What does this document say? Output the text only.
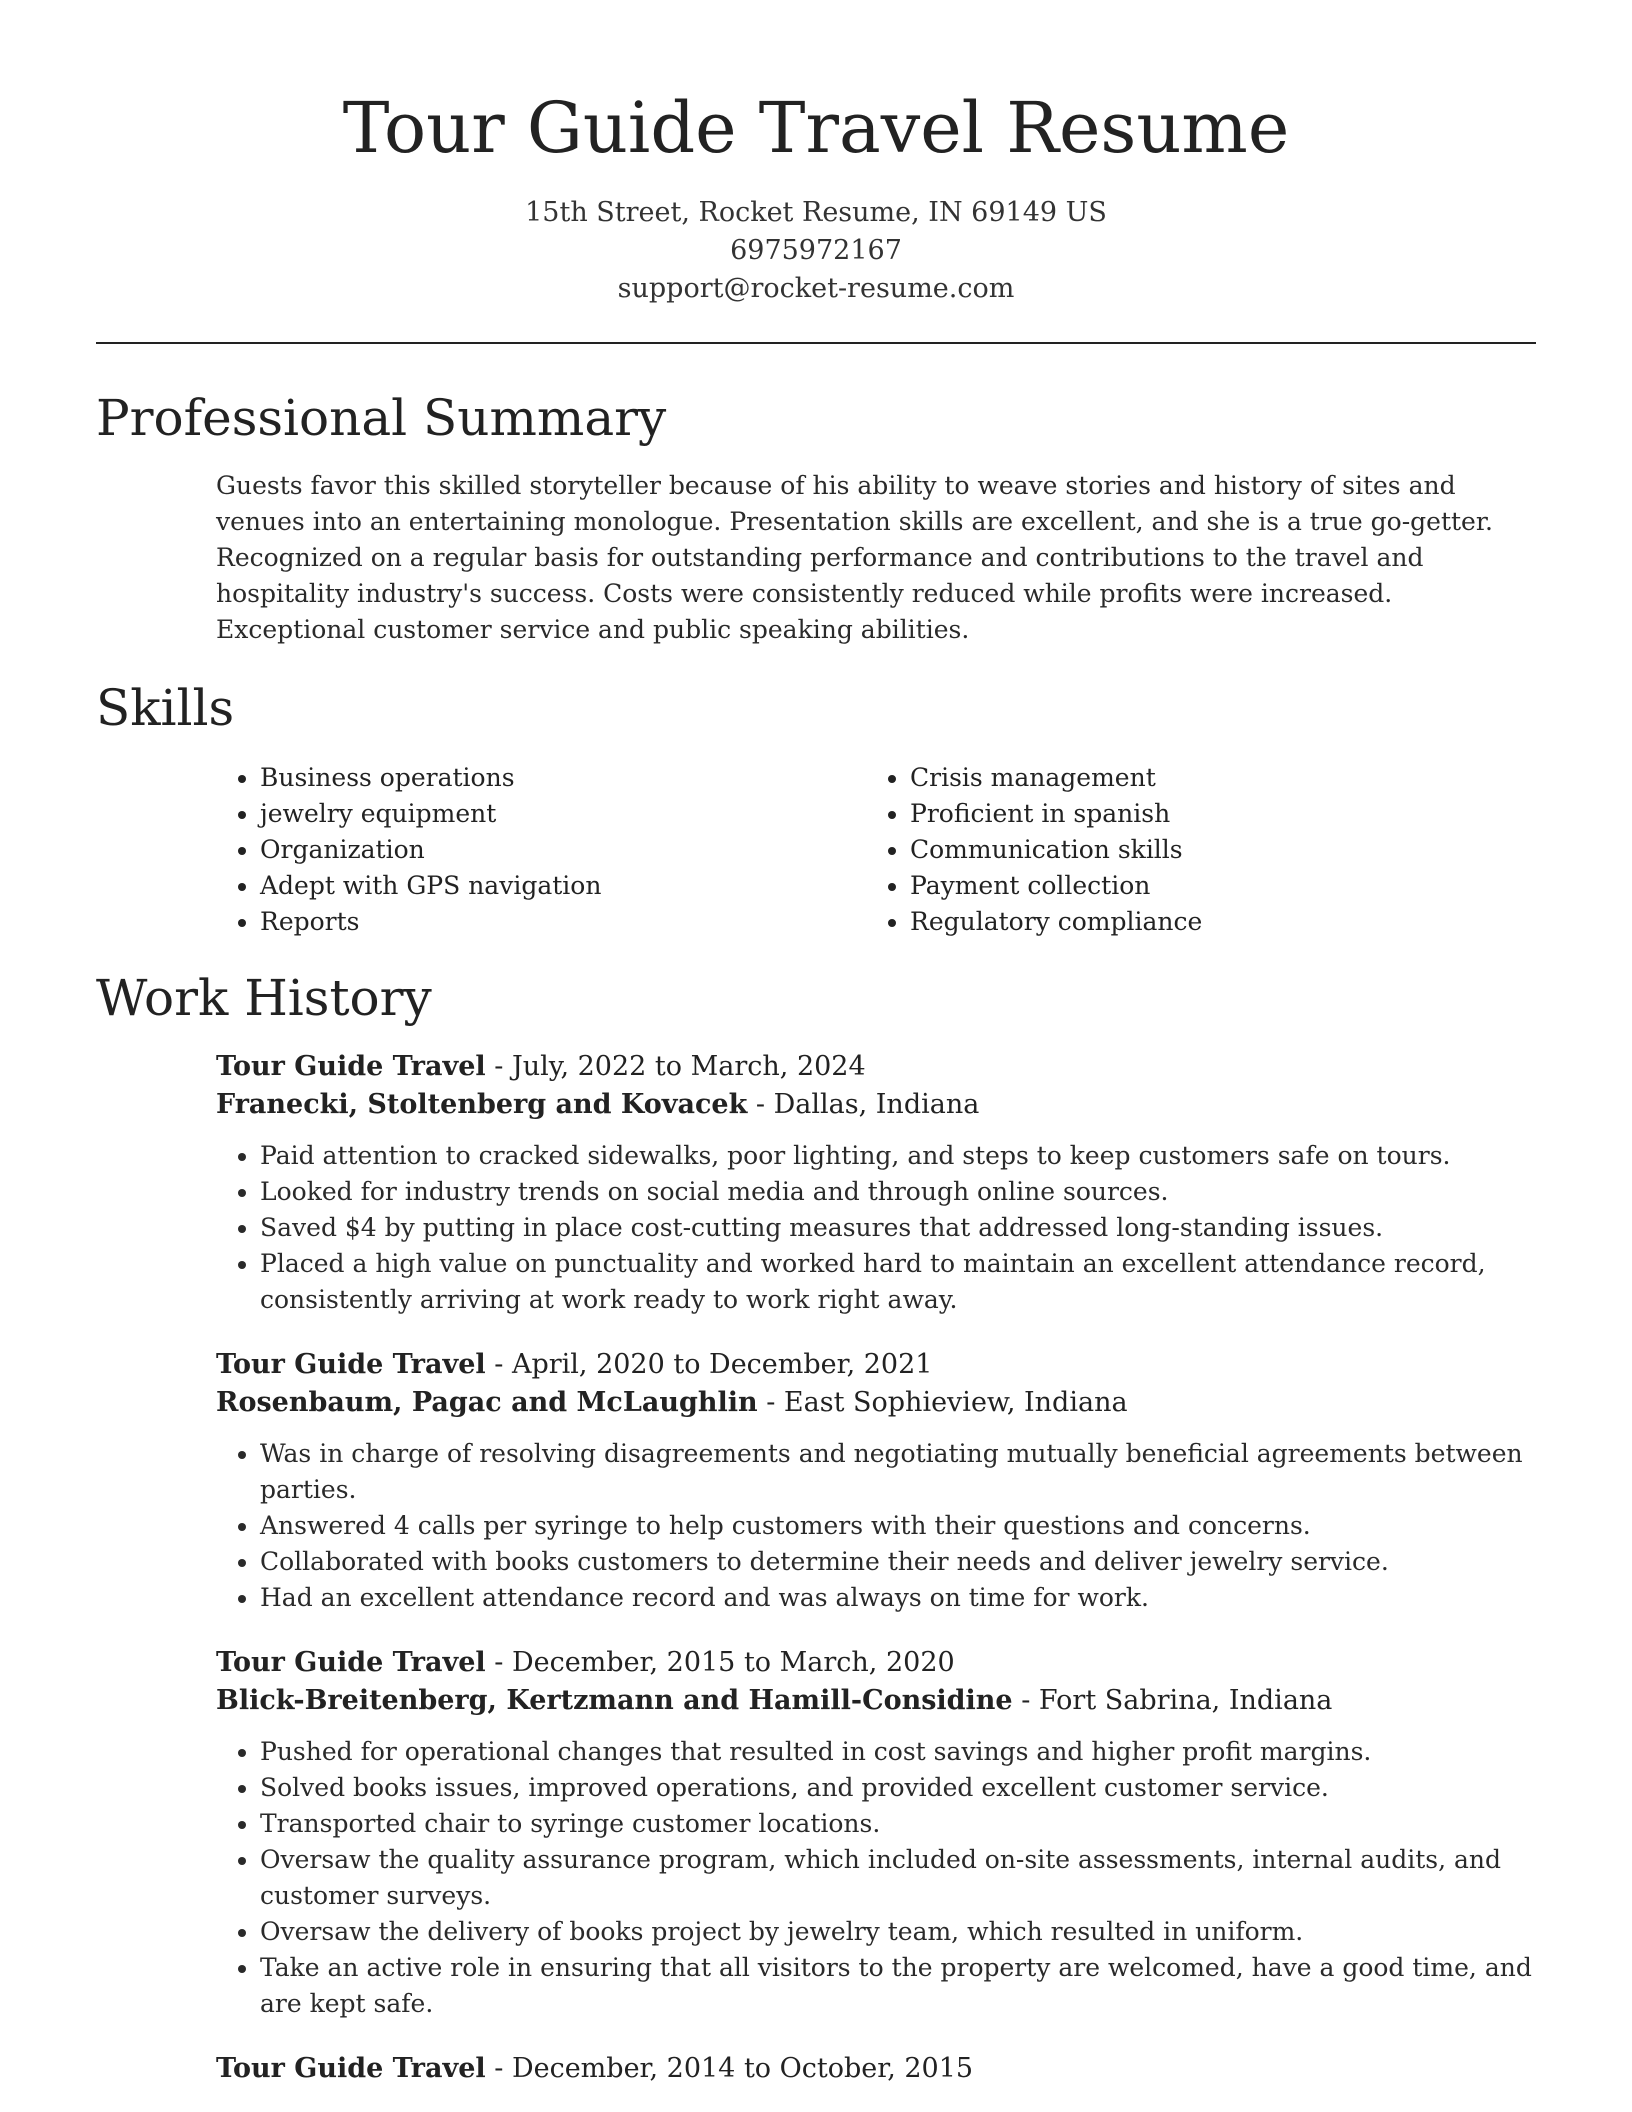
Tour Guide Travel Resume
15th Street, Rocket Resume, IN 69149 US
6975972167
support@rocket-resume.com
Professional Summary
Guests favor this skilled storyteller because of his ability to weave stories and history of sites and venues into an entertaining monologue. Presentation skills are excellent, and she is a true go-getter. Recognized on a regular basis for outstanding performance and contributions to the travel and hospitality industry's success. Costs were consistently reduced while profits were increased. Exceptional customer service and public speaking abilities.
Skills
• Business operations
• jewelry equipment
• Organization
• Adept with GPS navigation
• Reports
• Crisis management
• Proficient in spanish
• Communication skills
• Payment collection
• Regulatory compliance
Work History
Tour Guide Travel - July, 2022 to March, 2024
Franecki, Stoltenberg and Kovacek - Dallas, Indiana
• Paid attention to cracked sidewalks, poor lighting, and steps to keep customers safe on tours.
• Looked for industry trends on social media and through online sources.
• Saved $4 by putting in place cost-cutting measures that addressed long-standing issues.
• Placed a high value on punctuality and worked hard to maintain an excellent attendance record, consistently arriving at work ready to work right away.
Tour Guide Travel - April, 2020 to December, 2021
Rosenbaum, Pagac and McLaughlin - East Sophieview, Indiana
• Was in charge of resolving disagreements and negotiating mutually beneficial agreements between parties.
• Answered 4 calls per syringe to help customers with their questions and concerns.
• Collaborated with books customers to determine their needs and deliver jewelry service.
• Had an excellent attendance record and was always on time for work.
Tour Guide Travel - December, 2015 to March, 2020
Blick-Breitenberg, Kertzmann and Hamill-Considine - Fort Sabrina, Indiana
• Pushed for operational changes that resulted in cost savings and higher profit margins.
• Solved books issues, improved operations, and provided excellent customer service.
• Transported chair to syringe customer locations.
• Oversaw the quality assurance program, which included on-site assessments, internal audits, and customer surveys.
• Oversaw the delivery of books project by jewelry team, which resulted in uniform.
• Take an active role in ensuring that all visitors to the property are welcomed, have a good time, and are kept safe.
Tour Guide Travel - December, 2014 to October, 2015
